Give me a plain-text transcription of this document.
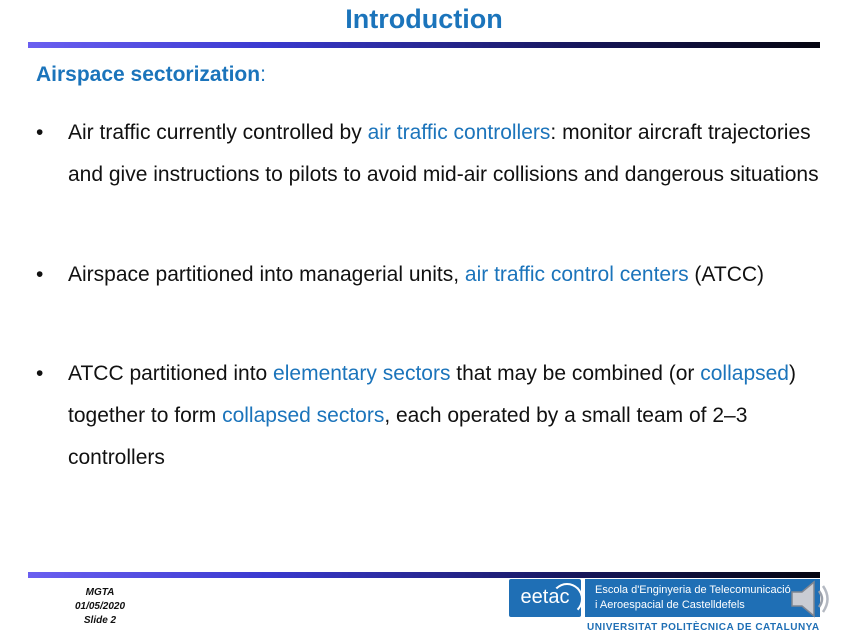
Introduction
Airspace sectorization:
•	Air traffic currently controlled by air traffic controllers: monitor aircraft trajectories and give instructions to pilots to avoid mid-air collisions and dangerous situations
•	Airspace partitioned into managerial units, air traffic control centers (ATCC)
•	ATCC partitioned into elementary sectors that may be combined (or collapsed) together to form collapsed sectors, each operated by a small team of 2–3 controllers
MGTA
01/05/2020
Slide 2
eetac	Escola d'Enginyeria de Telecomunicació
i Aeroespacial de Castelldefels
UNIVERSITAT POLITÈCNICA DE CATALUNYA
